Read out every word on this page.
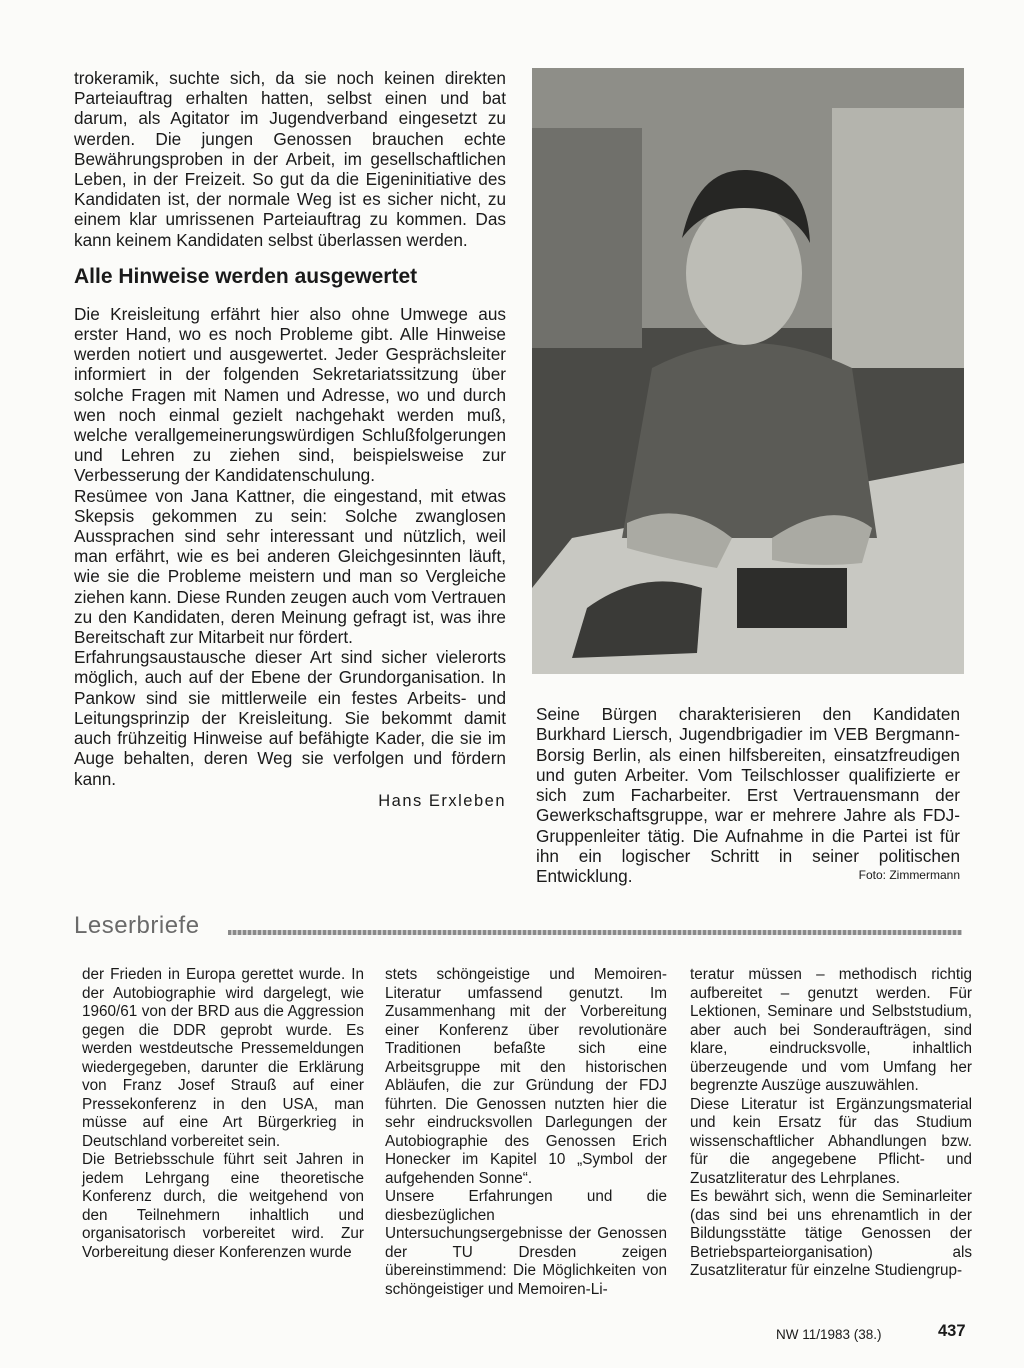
trokeramik, suchte sich, da sie noch keinen direkten Parteiauftrag erhalten hatten, selbst einen und bat darum, als Agitator im Jugendverband eingesetzt zu werden. Die jungen Genossen brauchen echte Bewährungsproben in der Arbeit, im gesellschaftlichen Leben, in der Freizeit. So gut da die Eigeninitiative des Kandidaten ist, der normale Weg ist es sicher nicht, zu einem klar umrissenen Parteiauftrag zu kommen. Das kann keinem Kandidaten selbst überlassen werden.

Alle Hinweise werden ausgewertet

Die Kreisleitung erfährt hier also ohne Umwege aus erster Hand, wo es noch Probleme gibt. Alle Hinweise werden notiert und ausgewertet. Jeder Gesprächsleiter informiert in der folgenden Sekretariatssitzung über solche Fragen mit Namen und Adresse, wo und durch wen noch einmal gezielt nachgehakt werden muß, welche verallgemeinerungswürdigen Schlußfolgerungen und Lehren zu ziehen sind, beispielsweise zur Verbesserung der Kandidatenschulung.

Resümee von Jana Kattner, die eingestand, mit etwas Skepsis gekommen zu sein: Solche zwanglosen Aussprachen sind sehr interessant und nützlich, weil man erfährt, wie es bei anderen Gleichgesinnten läuft, wie sie die Probleme meistern und man so Vergleiche ziehen kann. Diese Runden zeugen auch vom Vertrauen zu den Kandidaten, deren Meinung gefragt ist, was ihre Bereitschaft zur Mitarbeit nur fördert.

Erfahrungsaustausche dieser Art sind sicher vielerorts möglich, auch auf der Ebene der Grundorganisation. In Pankow sind sie mittlerweile ein festes Arbeits- und Leitungsprinzip der Kreisleitung. Sie bekommt damit auch frühzeitig Hinweise auf befähigte Kader, die sie im Auge behalten, deren Weg sie verfolgen und fördern kann.

Hans Erxleben
Seine Bürgen charakterisieren den Kandidaten Burkhard Liersch, Jugendbrigadier im VEB Bergmann-Borsig Berlin, als einen hilfsbereiten, einsatzfreudigen und guten Arbeiter. Vom Teilschlosser qualifizierte er sich zum Facharbeiter. Erst Vertrauensmann der Gewerkschaftsgruppe, war er mehrere Jahre als FDJ-Gruppenleiter tätig. Die Aufnahme in die Partei ist für ihn ein logischer Schritt in seiner politischen Entwicklung.	Foto: Zimmermann
Leserbriefe

der Frieden in Europa gerettet wurde. In der Autobiographie wird dargelegt, wie 1960/61 von der BRD aus die Aggression gegen die DDR geprobt wurde. Es werden westdeutsche Pressemeldungen wiedergegeben, darunter die Erklärung von Franz Josef Strauß auf einer Pressekonferenz in den USA, man müsse auf eine Art Bürgerkrieg in Deutschland vorbereitet sein.

Die Betriebsschule führt seit Jahren in jedem Lehrgang eine theoretische Konferenz durch, die weitgehend von den Teilnehmern inhaltlich und organisatorisch vorbereitet wird. Zur Vorbereitung dieser Konferenzen wurde

stets schöngeistige und Memoiren-Literatur umfassend genutzt. Im Zusammenhang mit der Vorbereitung einer Konferenz über revolutionäre Traditionen befaßte sich eine Arbeitsgruppe mit den historischen Abläufen, die zur Gründung der FDJ führten. Die Genossen nutzten hier die sehr eindrucksvollen Darlegungen der Autobiographie des Genossen Erich Honecker im Kapitel 10 „Symbol der aufgehenden Sonne“.

Unsere Erfahrungen und die diesbezüglichen Untersuchungsergebnisse der Genossen der TU Dresden zeigen übereinstimmend: Die Möglichkeiten von schöngeistiger und Memoiren-Li-

teratur müssen – methodisch richtig aufbereitet – genutzt werden. Für Lektionen, Seminare und Selbststudium, aber auch bei Sonderaufträgen, sind klare, eindrucksvolle, inhaltlich überzeugende und vom Umfang her begrenzte Auszüge auszuwählen.

Diese Literatur ist Ergänzungsmaterial und kein Ersatz für das Studium wissenschaftlicher Abhandlungen bzw. für die angegebene Pflicht- und Zusatzliteratur des Lehrplanes.

Es bewährt sich, wenn die Seminarleiter (das sind bei uns ehrenamtlich in der Bildungsstätte tätige Genossen der Betriebsparteiorganisation) als Zusatzliteratur für einzelne Studiengrup-

NW 11/1983 (38.)	437
